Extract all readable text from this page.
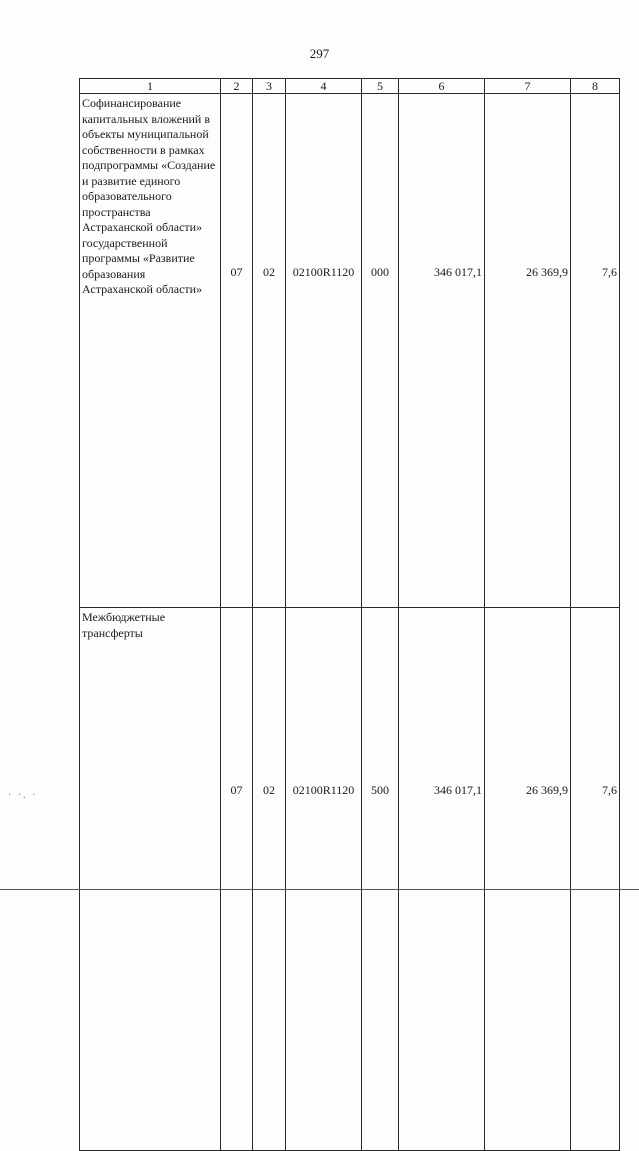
297
1	2	3	4	5	6	7	8
Софинансирование капитальных вложений в объекты муниципальной собственности в рамках подпрограммы «Создание и развитие единого образовательного пространства Астраханской области» государственной программы «Развитие образования Астраханской области»	07	02	02100R1120	000	346 017,1	26 369,9	7,6
Межбюджетные трансферты	07	02	02100R1120	500	346 017,1	26 369,9	7,6
· ·. ·
